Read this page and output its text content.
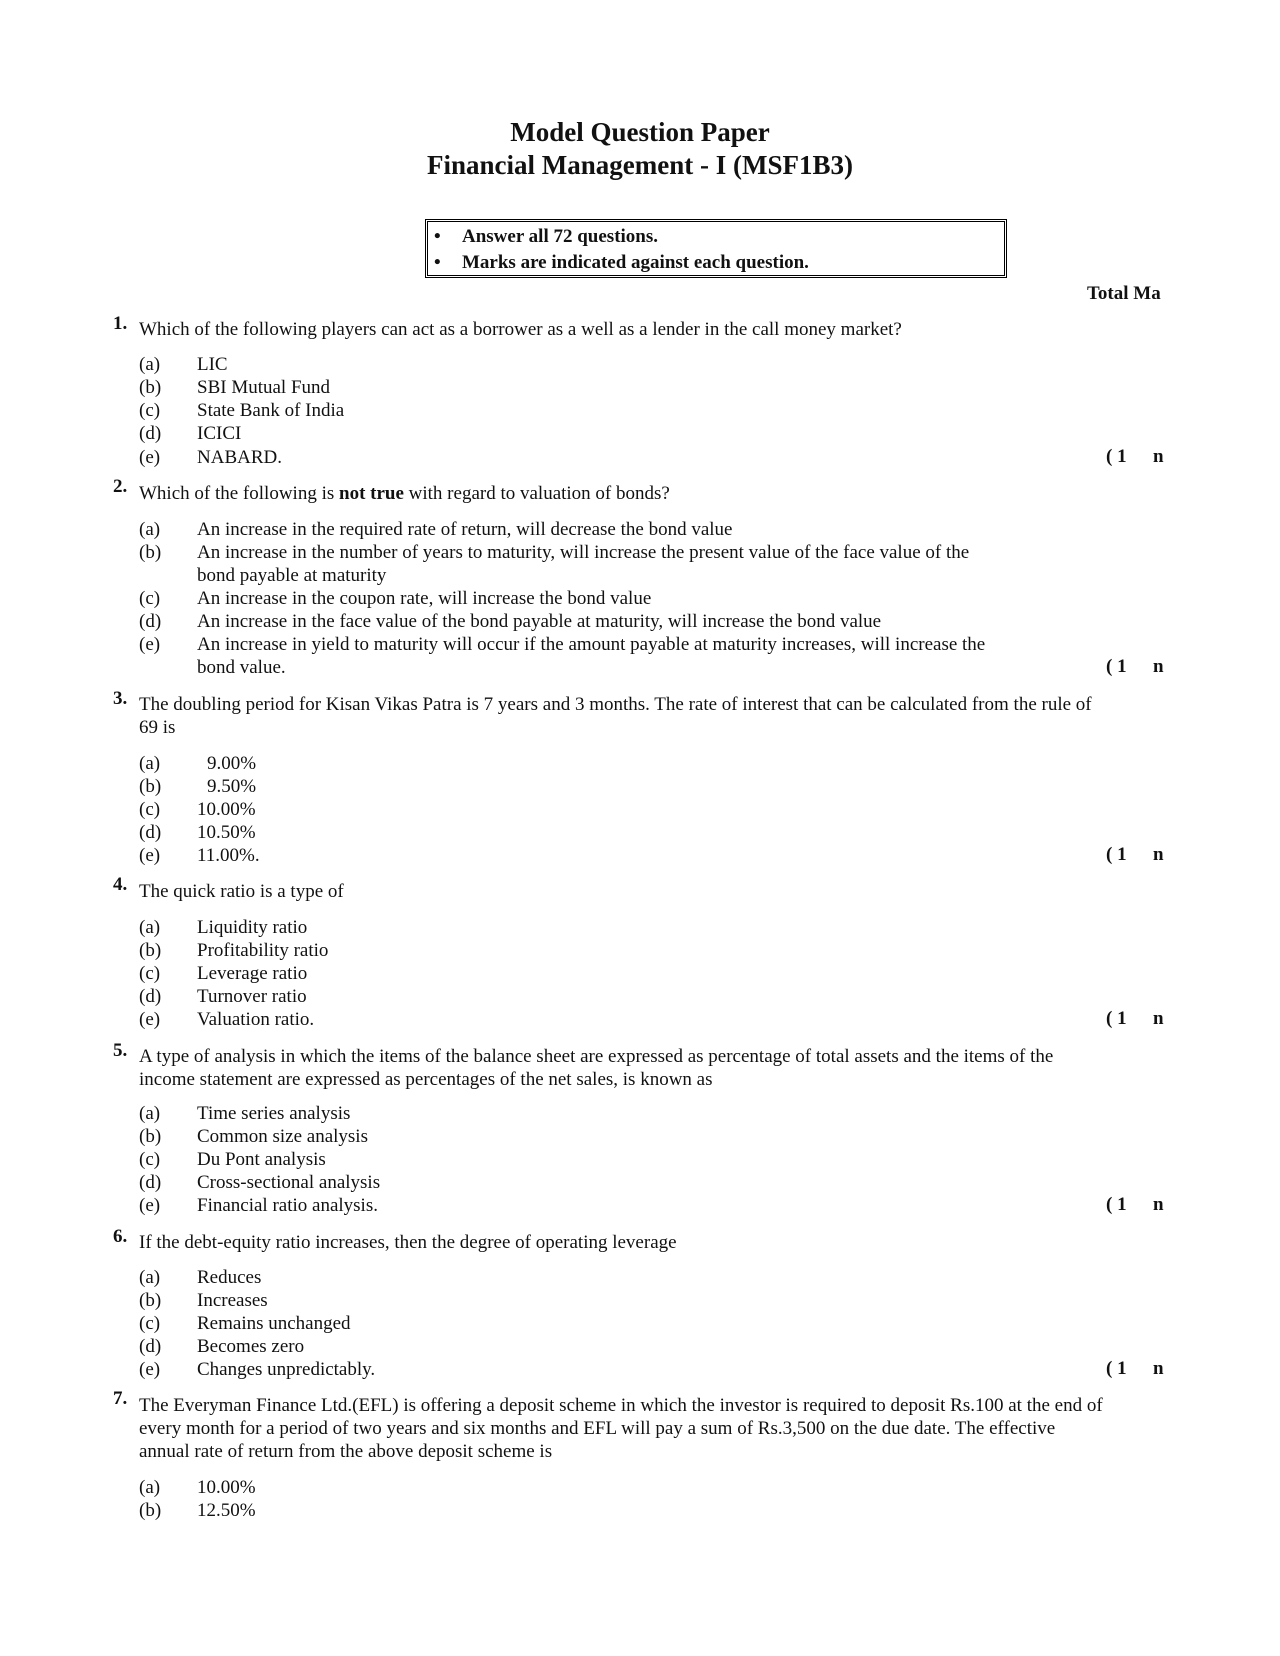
Model Question Paper
Financial Management - I (MSF1B3)
• Answer all 72 questions.
• Marks are indicated against each question.
Total Ma
1. Which of the following players can act as a borrower as a well as a lender in the call money market?
(a) LIC
(b) SBI Mutual Fund
(c) State Bank of India
(d) ICICI
(e) NABARD.	( 1 n
2. Which of the following is not true with regard to valuation of bonds?
(a) An increase in the required rate of return, will decrease the bond value
(b) An increase in the number of years to maturity, will increase the present value of the face value of the bond payable at maturity
(c) An increase in the coupon rate, will increase the bond value
(d) An increase in the face value of the bond payable at maturity, will increase the bond value
(e) An increase in yield to maturity will occur if the amount payable at maturity increases, will increase the bond value.	( 1 n
3. The doubling period for Kisan Vikas Patra is 7 years and 3 months. The rate of interest that can be calculated from the rule of 69 is
(a) 9.00%
(b) 9.50%
(c) 10.00%
(d) 10.50%
(e) 11.00%.	( 1 n
4. The quick ratio is a type of
(a) Liquidity ratio
(b) Profitability ratio
(c) Leverage ratio
(d) Turnover ratio
(e) Valuation ratio.	( 1 n
5. A type of analysis in which the items of the balance sheet are expressed as percentage of total assets and the items of the income statement are expressed as percentages of the net sales, is known as
(a) Time series analysis
(b) Common size analysis
(c) Du Pont analysis
(d) Cross-sectional analysis
(e) Financial ratio analysis.	( 1 n
6. If the debt-equity ratio increases, then the degree of operating leverage
(a) Reduces
(b) Increases
(c) Remains unchanged
(d) Becomes zero
(e) Changes unpredictably.	( 1 n
7. The Everyman Finance Ltd.(EFL) is offering a deposit scheme in which the investor is required to deposit Rs.100 at the end of every month for a period of two years and six months and EFL will pay a sum of Rs.3,500 on the due date. The effective annual rate of return from the above deposit scheme is
(a) 10.00%
(b) 12.50%
